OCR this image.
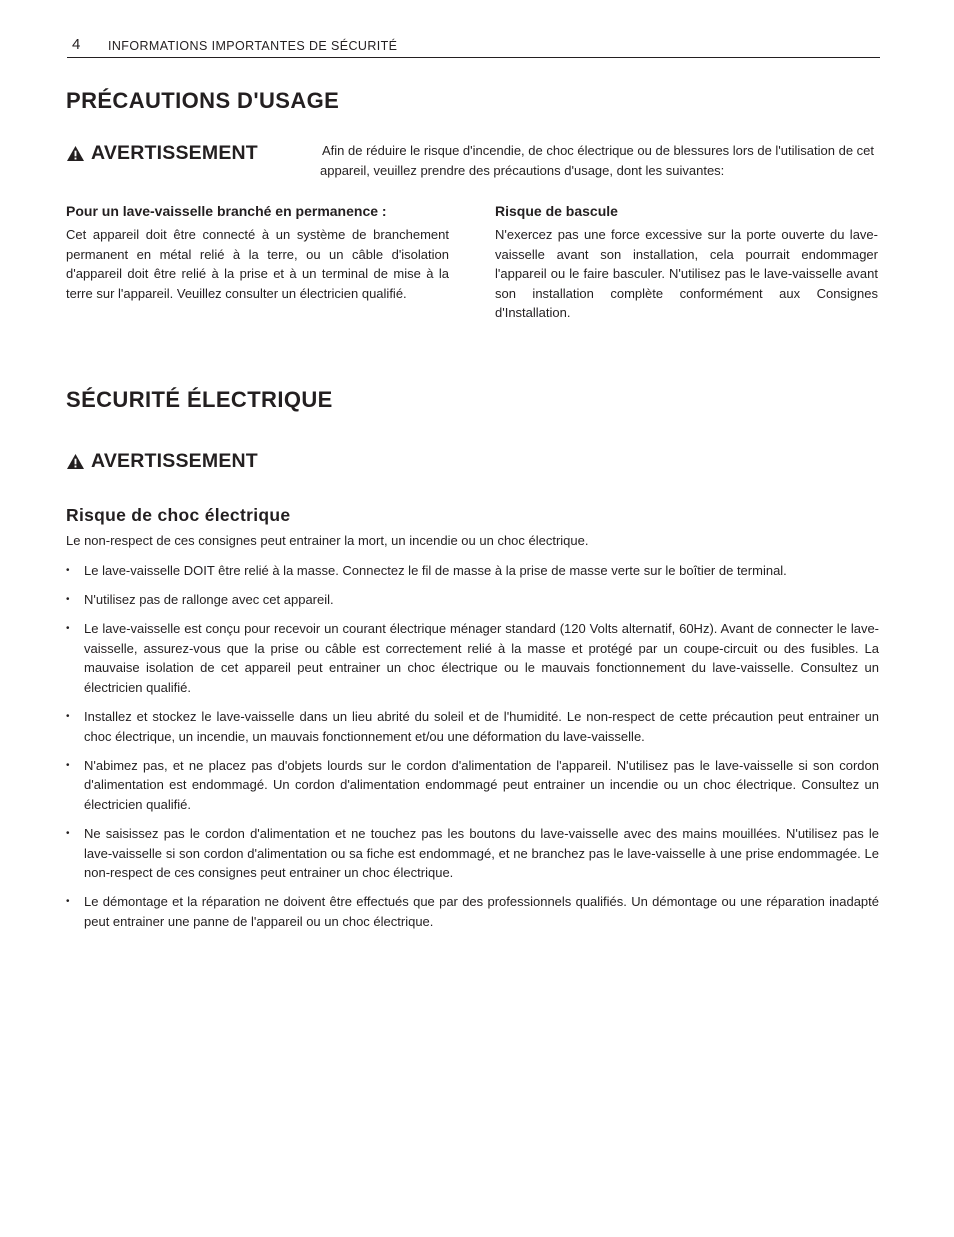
4 INFORMATIONS IMPORTANTES DE SÉCURITÉ
PRÉCAUTIONS D'USAGE
AVERTISSEMENT	Afin de réduire le risque d'incendie, de choc électrique ou de blessures lors de l'utilisation de cet appareil, veuillez prendre des précautions d'usage, dont les suivantes:

Pour un lave-vaisselle branché en permanence :
Cet appareil doit être connecté à un système de branchement permanent en métal relié à la terre, ou un câble d'isolation d'appareil doit être relié à la prise et à un terminal de mise à la terre sur l'appareil. Veuillez consulter un électricien qualifié.
Risque de bascule
N'exercez pas une force excessive sur la porte ouverte du lave-vaisselle avant son installation, cela pourrait endommager l'appareil ou le faire basculer. N'utilisez pas le lave-vaisselle avant son installation complète conformément aux Consignes d'Installation.
SÉCURITÉ ÉLECTRIQUE
AVERTISSEMENT
Risque de choc électrique
Le non-respect de ces consignes peut entrainer la mort, un incendie ou un choc électrique.
• Le lave-vaisselle DOIT être relié à la masse. Connectez le fil de masse à la prise de masse verte sur le boîtier de terminal.
• N'utilisez pas de rallonge avec cet appareil.
• Le lave-vaisselle est conçu pour recevoir un courant électrique ménager standard (120 Volts alternatif, 60Hz). Avant de connecter le lave-vaisselle, assurez-vous que la prise ou câble est correctement relié à la masse et protégé par un coupe-circuit ou des fusibles. La mauvaise isolation de cet appareil peut entrainer un choc électrique ou le mauvais fonctionnement du lave-vaisselle. Consultez un électricien qualifié.
• Installez et stockez le lave-vaisselle dans un lieu abrité du soleil et de l'humidité. Le non-respect de cette précaution peut entrainer un choc électrique, un incendie, un mauvais fonctionnement et/ou une déformation du lave-vaisselle.
• N'abimez pas, et ne placez pas d'objets lourds sur le cordon d'alimentation de l'appareil. N'utilisez pas le lave-vaisselle si son cordon d'alimentation est endommagé. Un cordon d'alimentation endommagé peut entrainer un incendie ou un choc électrique. Consultez un électricien qualifié.
• Ne saisissez pas le cordon d'alimentation et ne touchez pas les boutons du lave-vaisselle avec des mains mouillées. N'utilisez pas le lave-vaisselle si son cordon d'alimentation ou sa fiche est endommagé, et ne branchez pas le lave-vaisselle à une prise endommagée. Le non-respect de ces consignes peut entrainer un choc électrique.
• Le démontage et la réparation ne doivent être effectués que par des professionnels qualifiés. Un démontage ou une réparation inadapté peut entrainer une panne de l'appareil ou un choc électrique.
